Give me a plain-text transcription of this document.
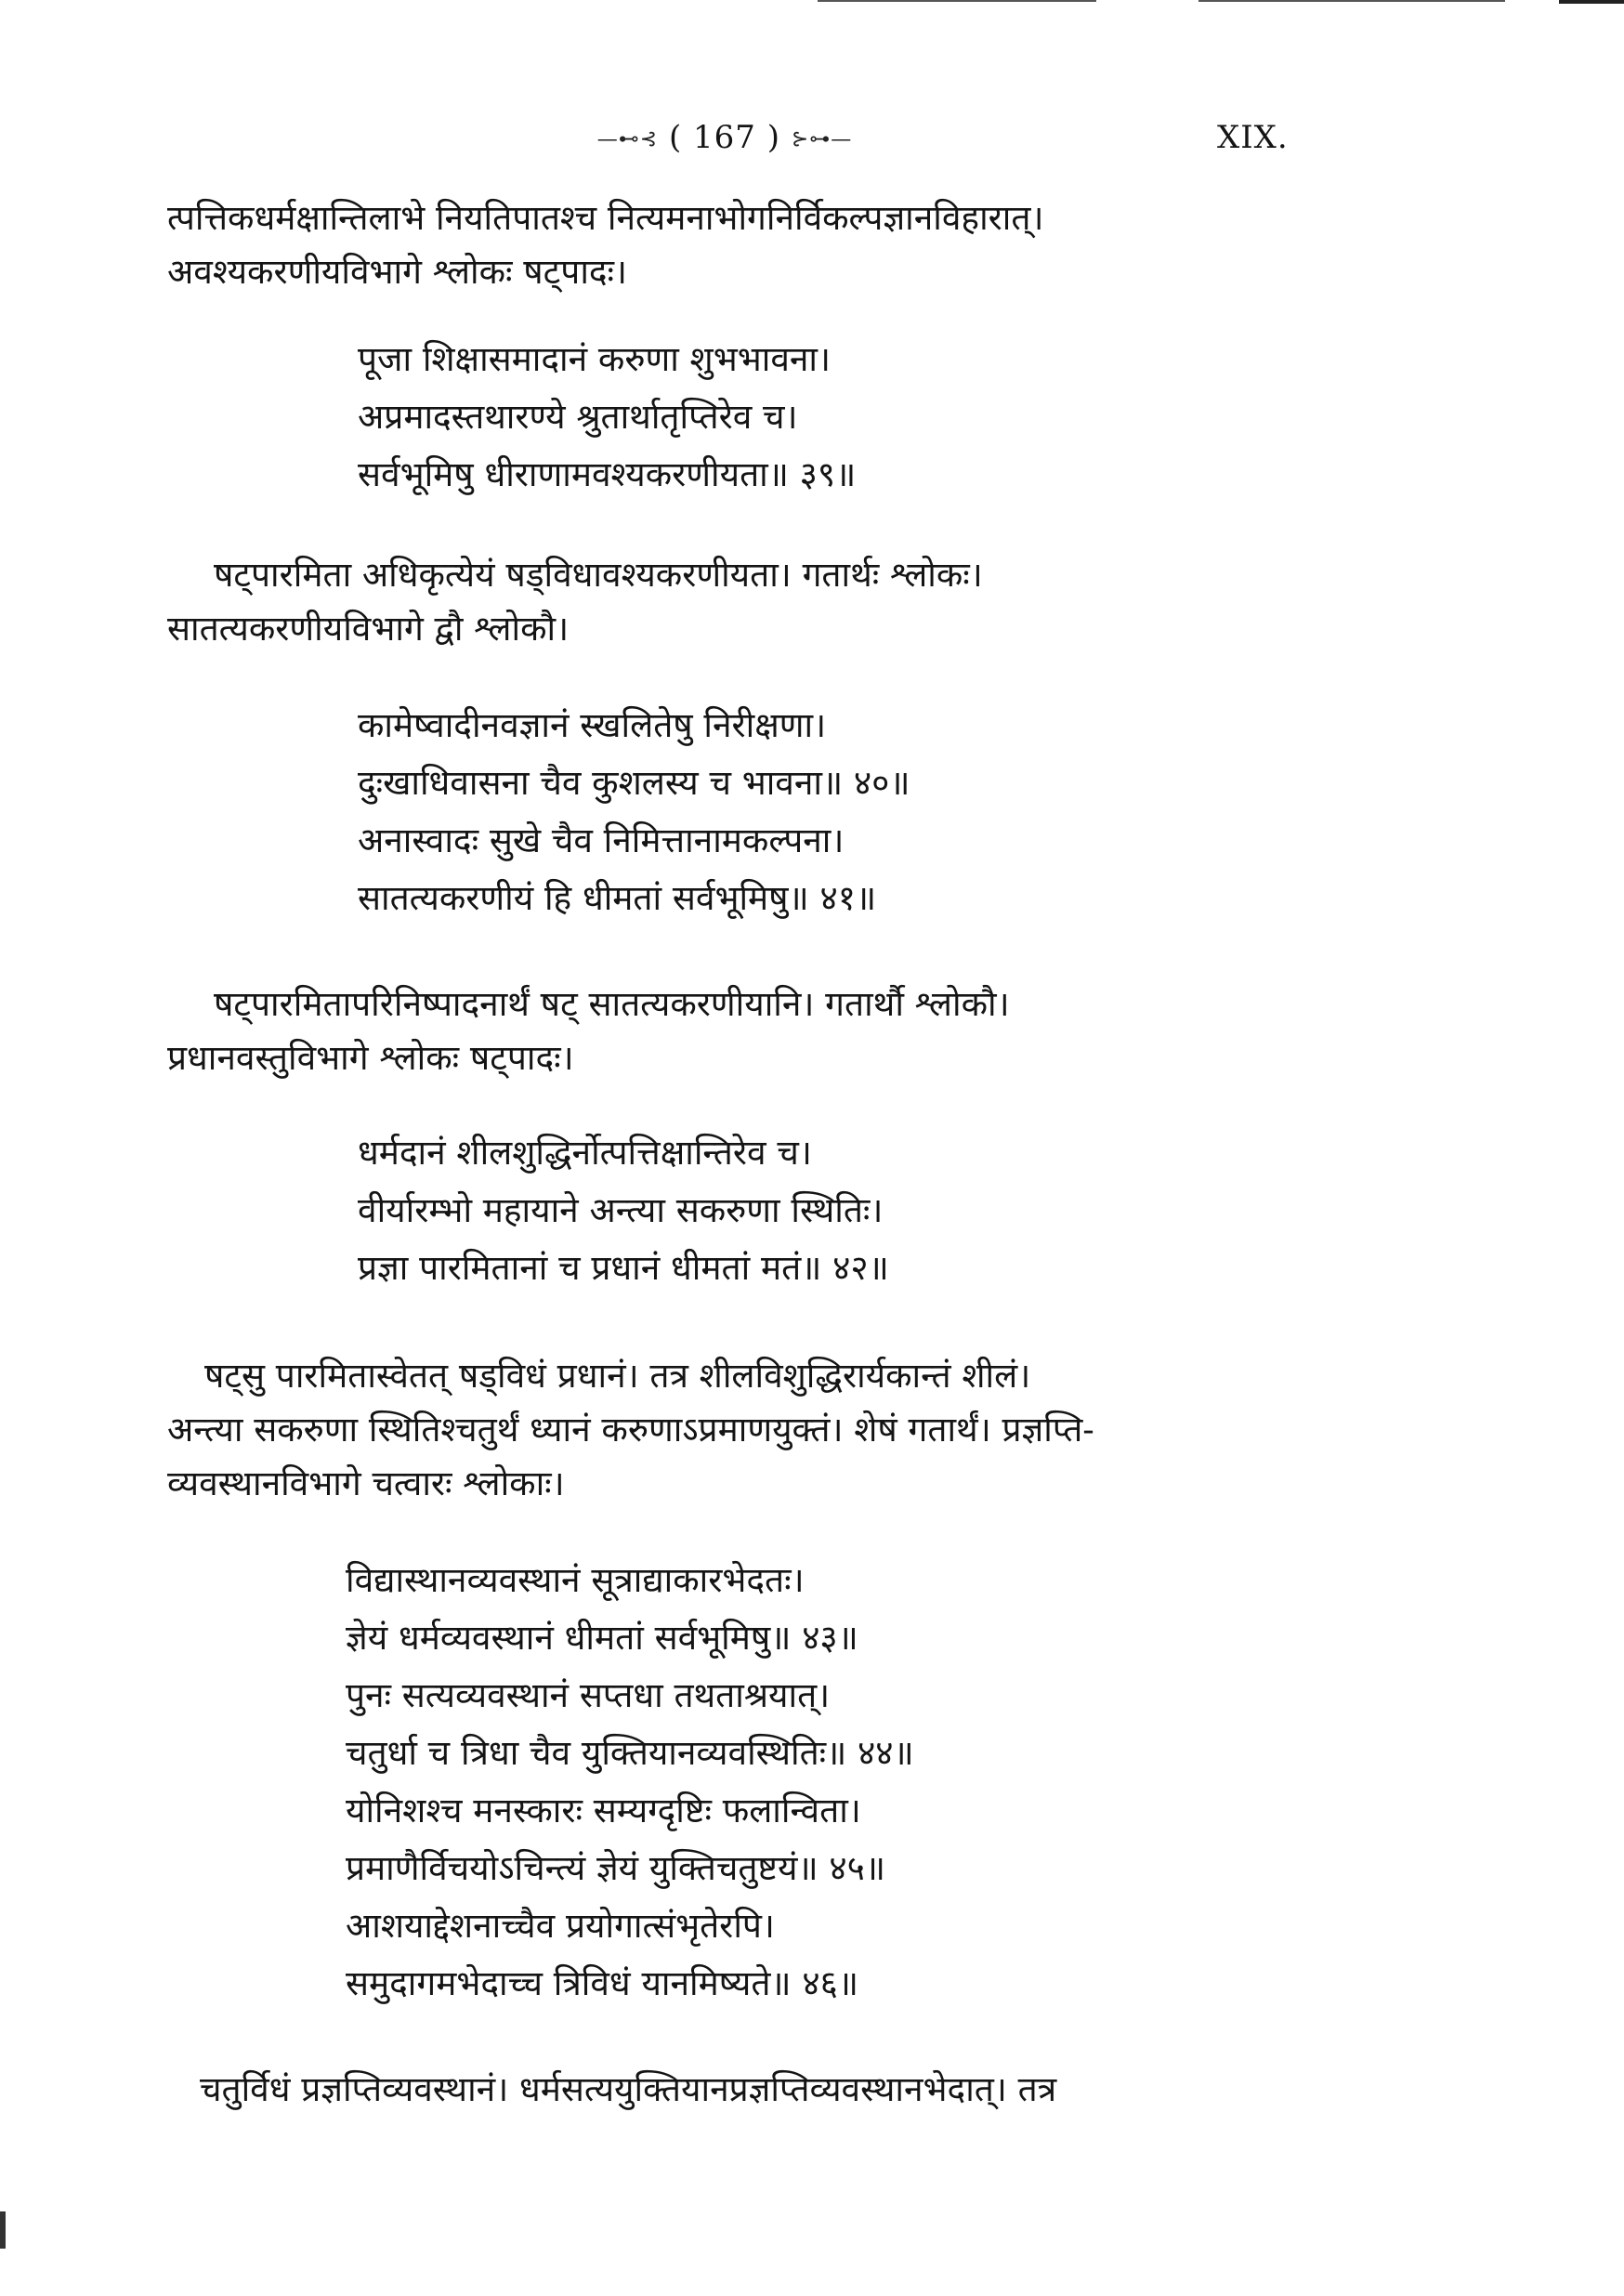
—⊷⊰ ( 167 ) ⊱⊶—	XIX.
त्पत्तिकधर्मक्षान्तिलाभे नियतिपातश्च नित्यमनाभोगनिर्विकल्पज्ञानविहारात्।
अवश्यकरणीयविभागे श्लोकः षट्पादः।
पूजा शिक्षासमादानं करुणा शुभभावना।
अप्रमादस्तथारण्ये श्रुतार्थातृप्तिरेव च।
सर्वभूमिषु धीराणामवश्यकरणीयता॥ ३९॥
षट्पारमिता अधिकृत्येयं षड्विधावश्यकरणीयता। गतार्थः श्लोकः।
सातत्यकरणीयविभागे द्वौ श्लोकौ।
कामेष्वादीनवज्ञानं स्खलितेषु निरीक्षणा।
दुःखाधिवासना चैव कुशलस्य च भावना॥ ४०॥
अनास्वादः सुखे चैव निमित्तानामकल्पना।
सातत्यकरणीयं हि धीमतां सर्वभूमिषु॥ ४१॥
षट्पारमितापरिनिष्पादनार्थं षट् सातत्यकरणीयानि। गतार्थौ श्लोकौ।
प्रधानवस्तुविभागे श्लोकः षट्पादः।
धर्मदानं शीलशुद्धिर्नोत्पत्तिक्षान्तिरेव च।
वीर्यारम्भो महायाने अन्त्या सकरुणा स्थितिः।
प्रज्ञा पारमितानां च प्रधानं धीमतां मतं॥ ४२॥
षट्सु पारमितास्वेतत् षड्विधं प्रधानं। तत्र शीलविशुद्धिरार्यकान्तं शीलं।
अन्त्या सकरुणा स्थितिश्चतुर्थं ध्यानं करुणाऽप्रमाणयुक्तं। शेषं गतार्थं। प्रज्ञप्ति-
व्यवस्थानविभागे चत्वारः श्लोकाः।
विद्यास्थानव्यवस्थानं सूत्राद्याकारभेदतः।
ज्ञेयं धर्मव्यवस्थानं धीमतां सर्वभूमिषु॥ ४३॥
पुनः सत्यव्यवस्थानं सप्तधा तथताश्रयात्।
चतुर्धा च त्रिधा चैव युक्तियानव्यवस्थितिः॥ ४४॥
योनिशश्च मनस्कारः सम्यग्दृष्टिः फलान्विता।
प्रमाणैर्विचयोऽचिन्त्यं ज्ञेयं युक्तिचतुष्टयं॥ ४५॥
आशयाद्देशनाच्चैव प्रयोगात्संभृतेरपि।
समुदागमभेदाच्च त्रिविधं यानमिष्यते॥ ४६॥
चतुर्विधं प्रज्ञप्तिव्यवस्थानं। धर्मसत्ययुक्तियानप्रज्ञप्तिव्यवस्थानभेदात्। तत्र
